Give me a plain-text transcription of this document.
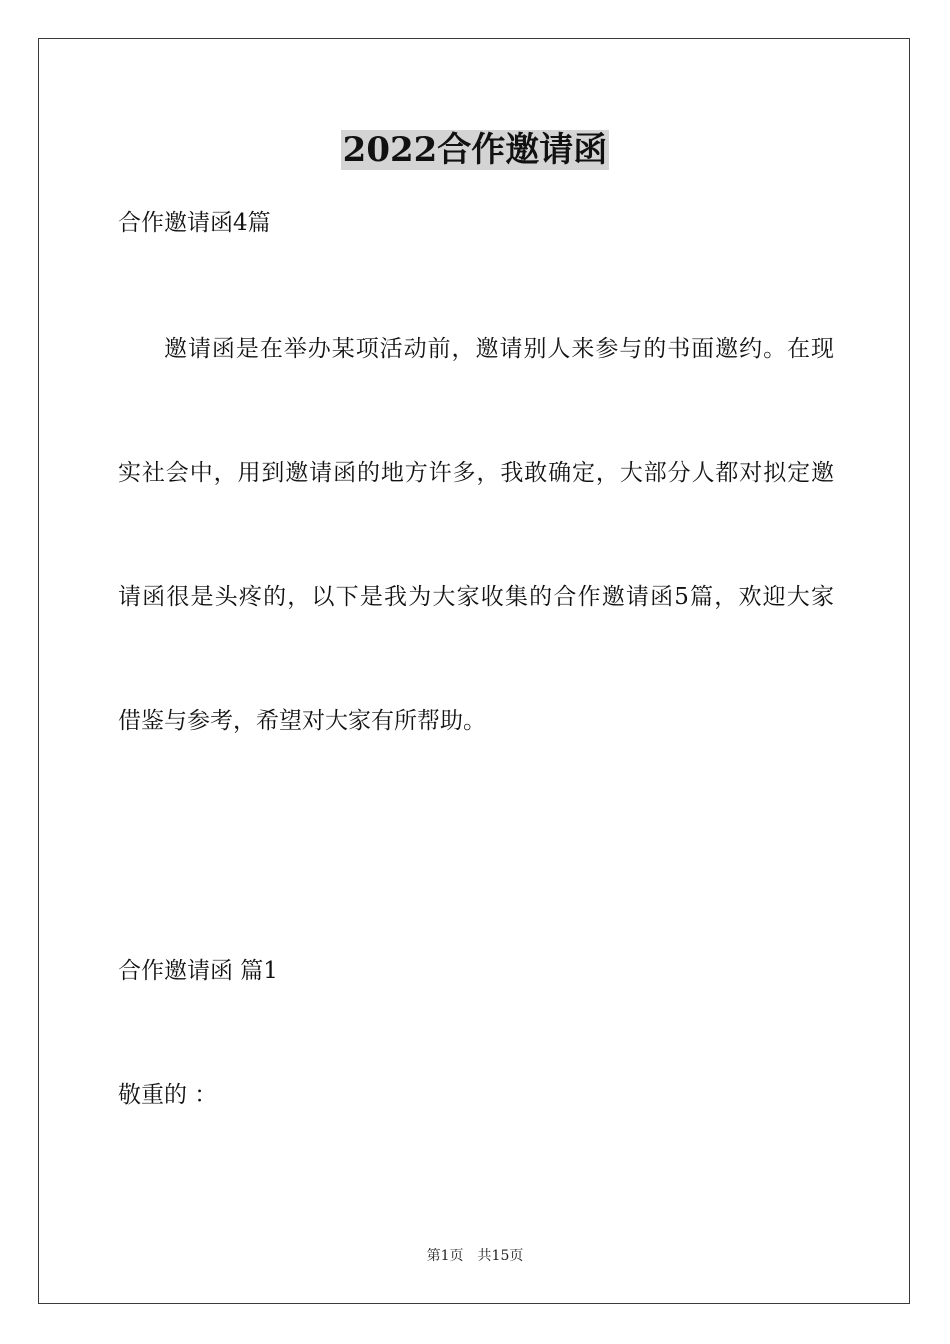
2022合作邀请函
合作邀请函4篇
邀请函是在举办某项活动前，邀请别人来参与的书面邀约。在现
实社会中，用到邀请函的地方许多，我敢确定，大部分人都对拟定邀
请函很是头疼的，以下是我为大家收集的合作邀请函5篇，欢迎大家
借鉴与参考，希望对大家有所帮助。
合作邀请函 篇1
敬重的 ：
第1页 共15页
